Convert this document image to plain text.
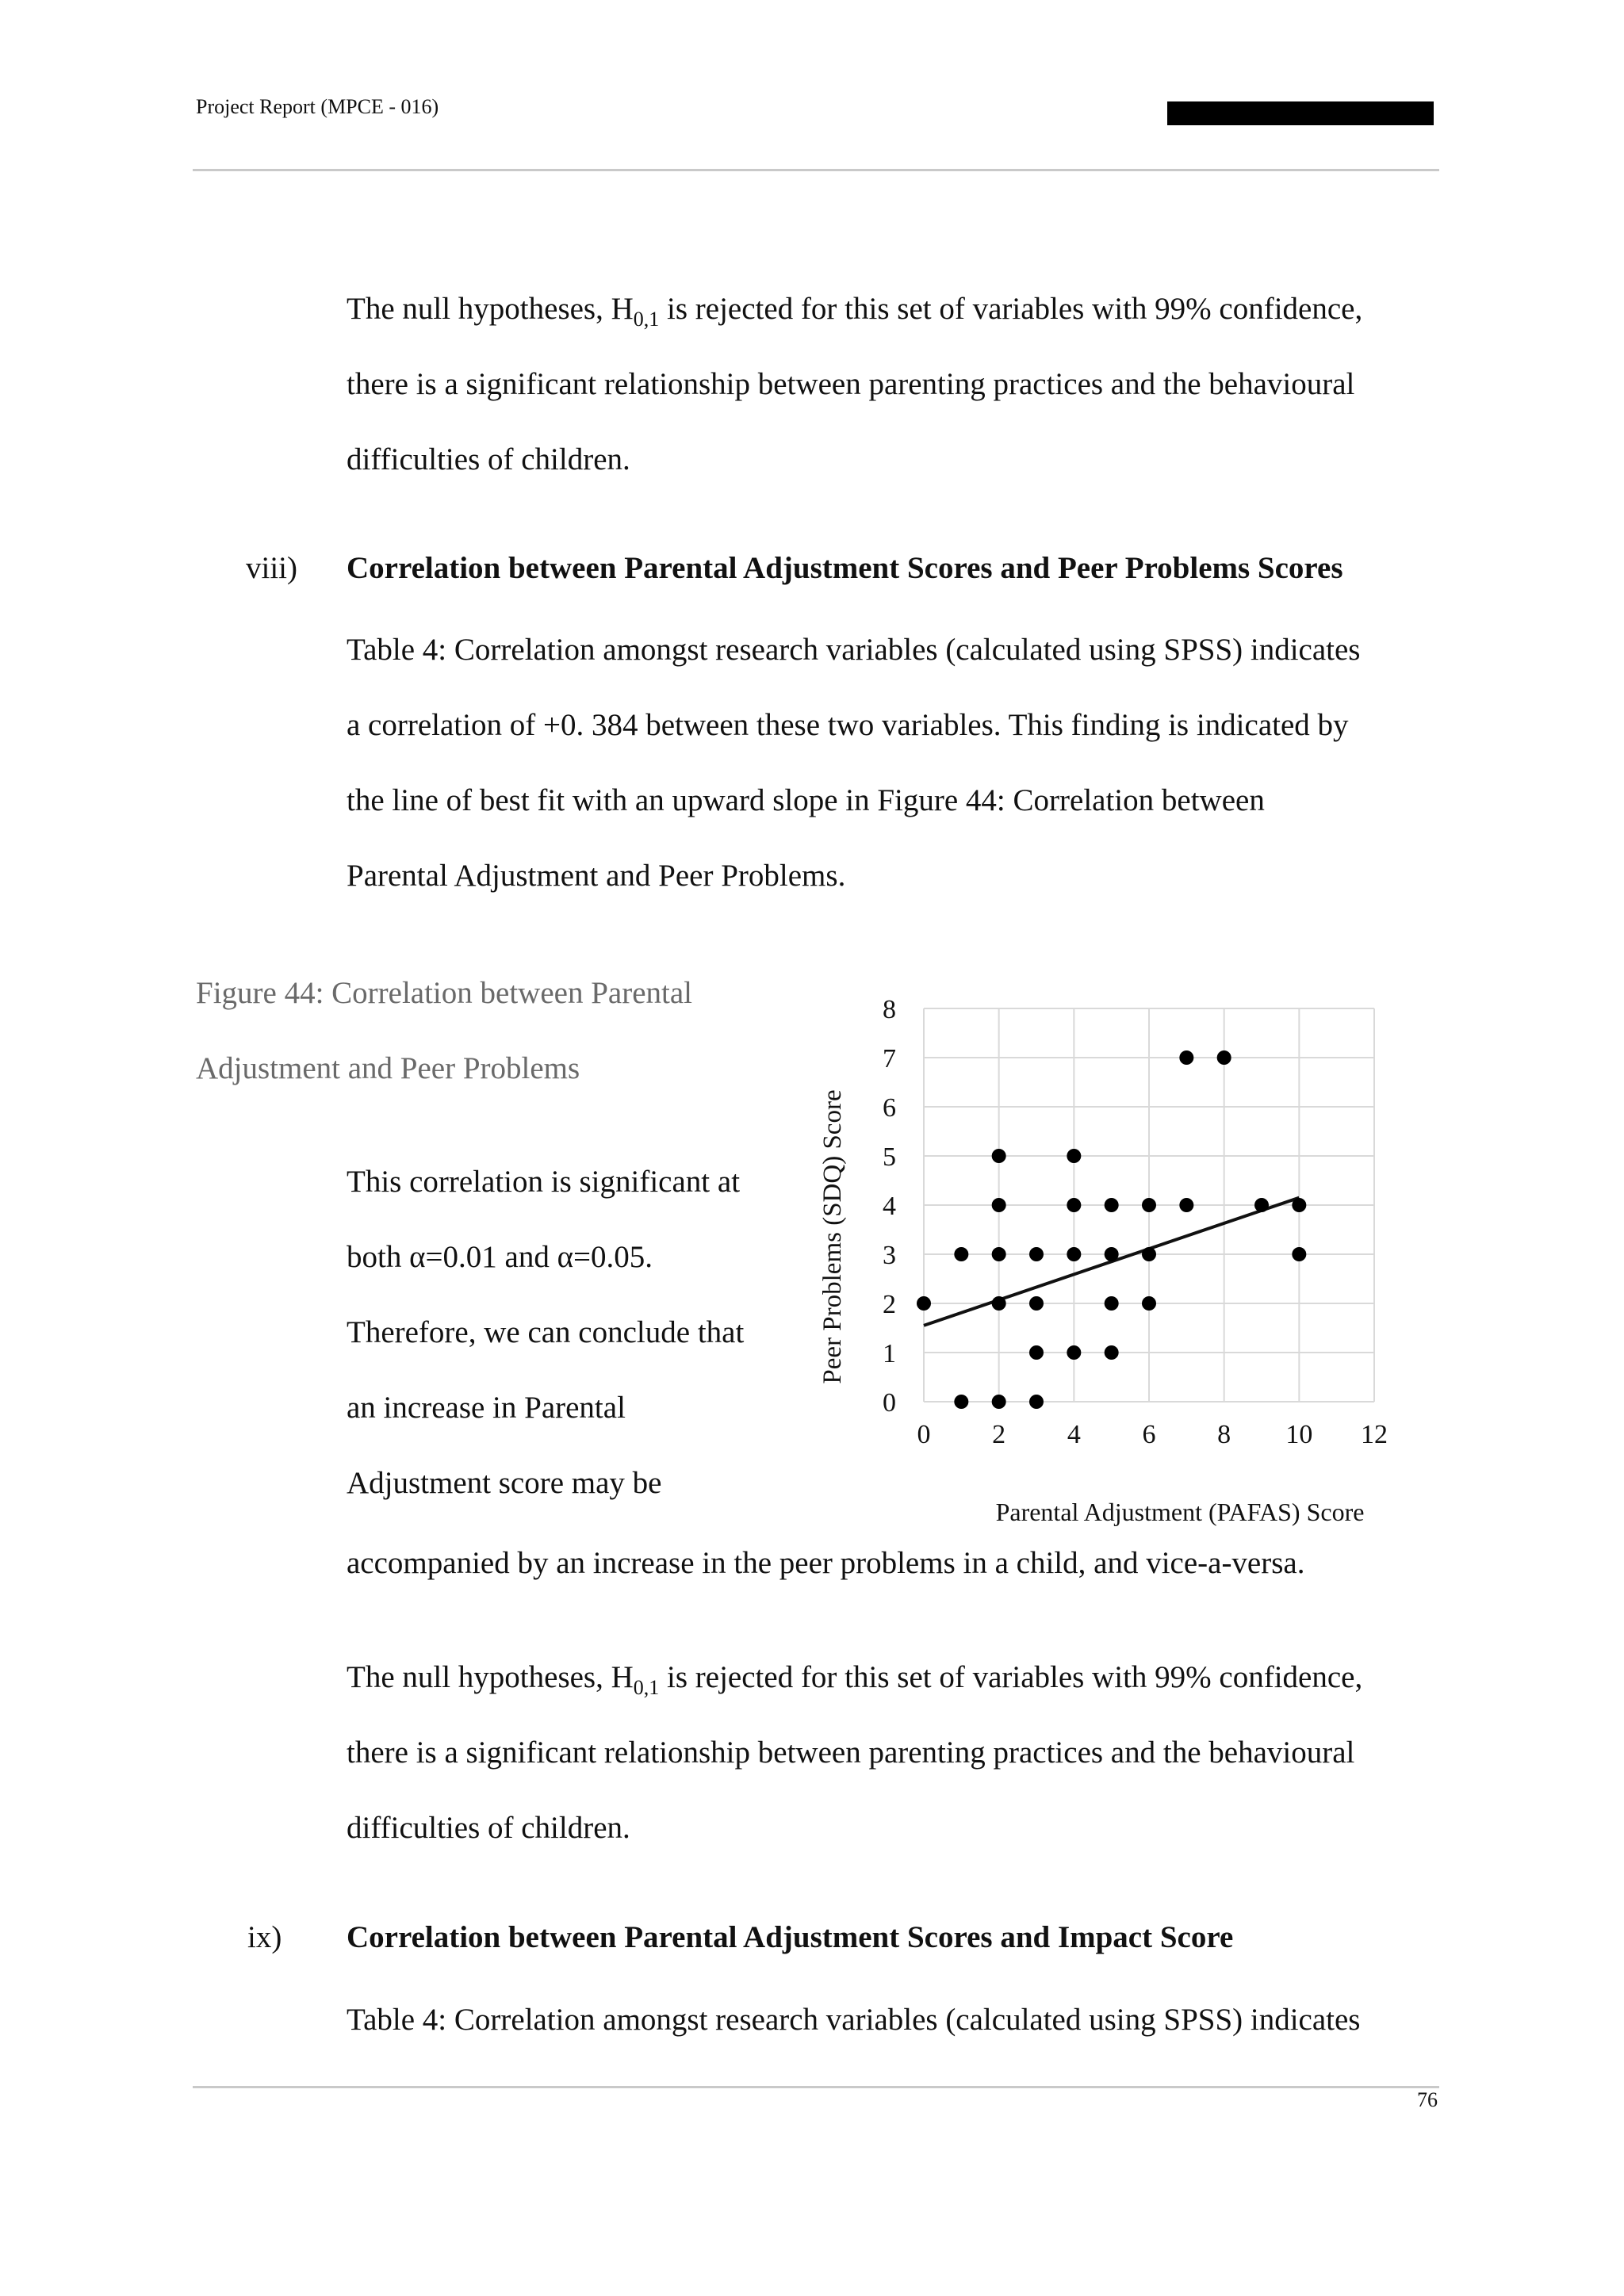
Project Report (MPCE - 016)
The null hypotheses, $H_{0,1}$ is rejected for this set of variables with 99% confidence,
there is a significant relationship between parenting practices and the behavioural
difficulties of children.
viii) Correlation between Parental Adjustment Scores and Peer Problems Scores
Table 4: Correlation amongst research variables (calculated using SPSS) indicates
a correlation of +0. 384 between these two variables. This finding is indicated by
the line of best fit with an upward slope in Figure 44: Correlation between
Parental Adjustment and Peer Problems.
Figure 44: Correlation between Parental
Adjustment and Peer Problems
This correlation is significant at
both α=0.01 and α=0.05.
Therefore, we can conclude that
an increase in Parental
Adjustment score may be
0 2 4 6 8 10 12
0
1
2
3
4
5
6
7
8
Peer Problems (SDQ) Score
Parental Adjustment (PAFAS) Score
accompanied by an increase in the peer problems in a child, and vice-a-versa.
The null hypotheses, $H_{0,1}$ is rejected for this set of variables with 99% confidence,
there is a significant relationship between parenting practices and the behavioural
difficulties of children.
ix) Correlation between Parental Adjustment Scores and Impact Score
Table 4: Correlation amongst research variables (calculated using SPSS) indicates
76
